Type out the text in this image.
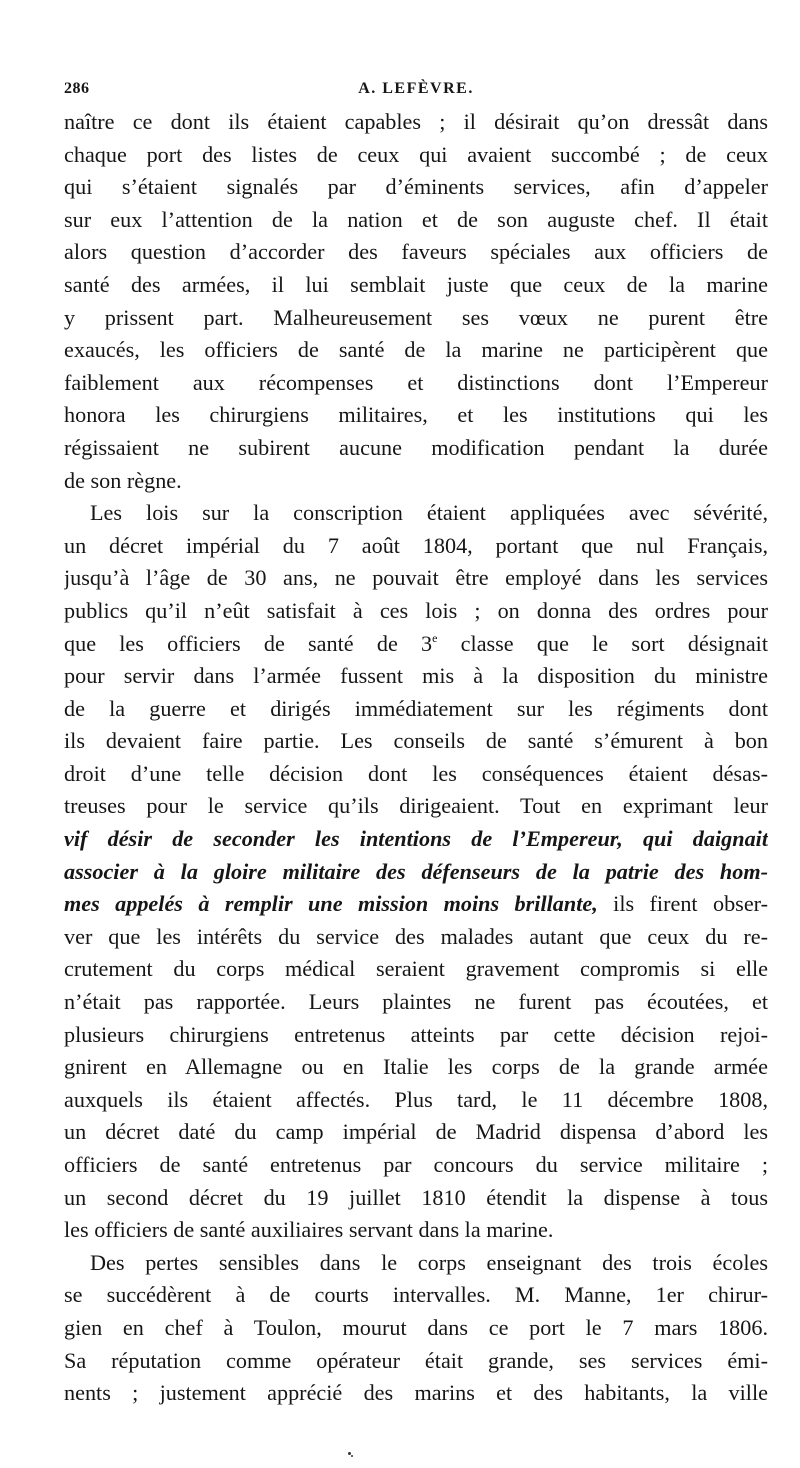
286	A. LEFÈVRE.
naître ce dont ils étaient capables ; il désirait qu’on dressât dans
chaque port des listes de ceux qui avaient succombé ; de ceux
qui s’étaient signalés par d’éminents services, afin d’appeler
sur eux l’attention de la nation et de son auguste chef. Il était
alors question d’accorder des faveurs spéciales aux officiers de
santé des armées, il lui semblait juste que ceux de la marine
y prissent part. Malheureusement ses vœux ne purent être
exaucés, les officiers de santé de la marine ne participèrent que
faiblement aux récompenses et distinctions dont l’Empereur
honora les chirurgiens militaires, et les institutions qui les
régissaient ne subirent aucune modification pendant la durée
de son règne.
Les lois sur la conscription étaient appliquées avec sévérité,
un décret impérial du 7 août 1804, portant que nul Français,
jusqu’à l’âge de 30 ans, ne pouvait être employé dans les services
publics qu’il n’eût satisfait à ces lois ; on donna des ordres pour
que les officiers de santé de 3e classe que le sort désignait
pour servir dans l’armée fussent mis à la disposition du ministre
de la guerre et dirigés immédiatement sur les régiments dont
ils devaient faire partie. Les conseils de santé s’émurent à bon
droit d’une telle décision dont les conséquences étaient désas-
treuses pour le service qu’ils dirigeaient. Tout en exprimant leur
vif désir de seconder les intentions de l’Empereur, qui daignait
associer à la gloire militaire des défenseurs de la patrie des hom-
mes appelés à remplir une mission moins brillante, ils firent obser-
ver que les intérêts du service des malades autant que ceux du re-
crutement du corps médical seraient gravement compromis si elle
n’était pas rapportée. Leurs plaintes ne furent pas écoutées, et
plusieurs chirurgiens entretenus atteints par cette décision rejoi-
gnirent en Allemagne ou en Italie les corps de la grande armée
auxquels ils étaient affectés. Plus tard, le 11 décembre 1808,
un décret daté du camp impérial de Madrid dispensa d’abord les
officiers de santé entretenus par concours du service militaire ;
un second décret du 19 juillet 1810 étendit la dispense à tous
les officiers de santé auxiliaires servant dans la marine.
Des pertes sensibles dans le corps enseignant des trois écoles
se succédèrent à de courts intervalles. M. Manne, 1er chirur-
gien en chef à Toulon, mourut dans ce port le 7 mars 1806.
Sa réputation comme opérateur était grande, ses services émi-
nents ; justement apprécié des marins et des habitants, la ville
